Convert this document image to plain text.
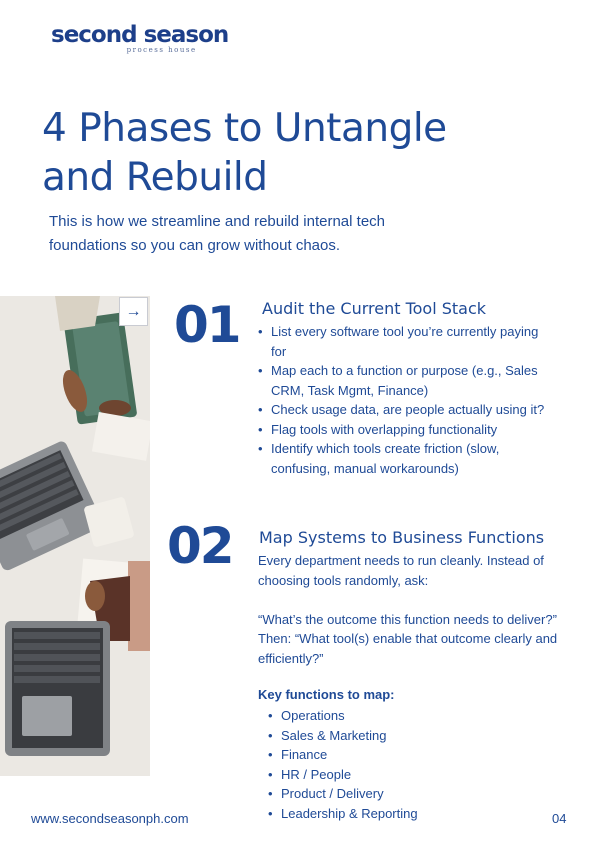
second season
process house
4 Phases to Untangle
and Rebuild
This is how we streamline and rebuild internal tech
foundations so you can grow without chaos.
→ 01 Audit the Current Tool Stack
• List every software tool you’re currently paying for
• Map each to a function or purpose (e.g., Sales CRM, Task Mgmt, Finance)
• Check usage data, are people actually using it?
• Flag tools with overlapping functionality
• Identify which tools create friction (slow, confusing, manual workarounds)
02 Map Systems to Business Functions
Every department needs to run cleanly. Instead of choosing tools randomly, ask:
“What’s the outcome this function needs to deliver?” Then: “What tool(s) enable that outcome clearly and efficiently?”
Key functions to map:
• Operations
• Sales & Marketing
• Finance
• HR / People
• Product / Delivery
• Leadership & Reporting
www.secondseasonph.com	04
